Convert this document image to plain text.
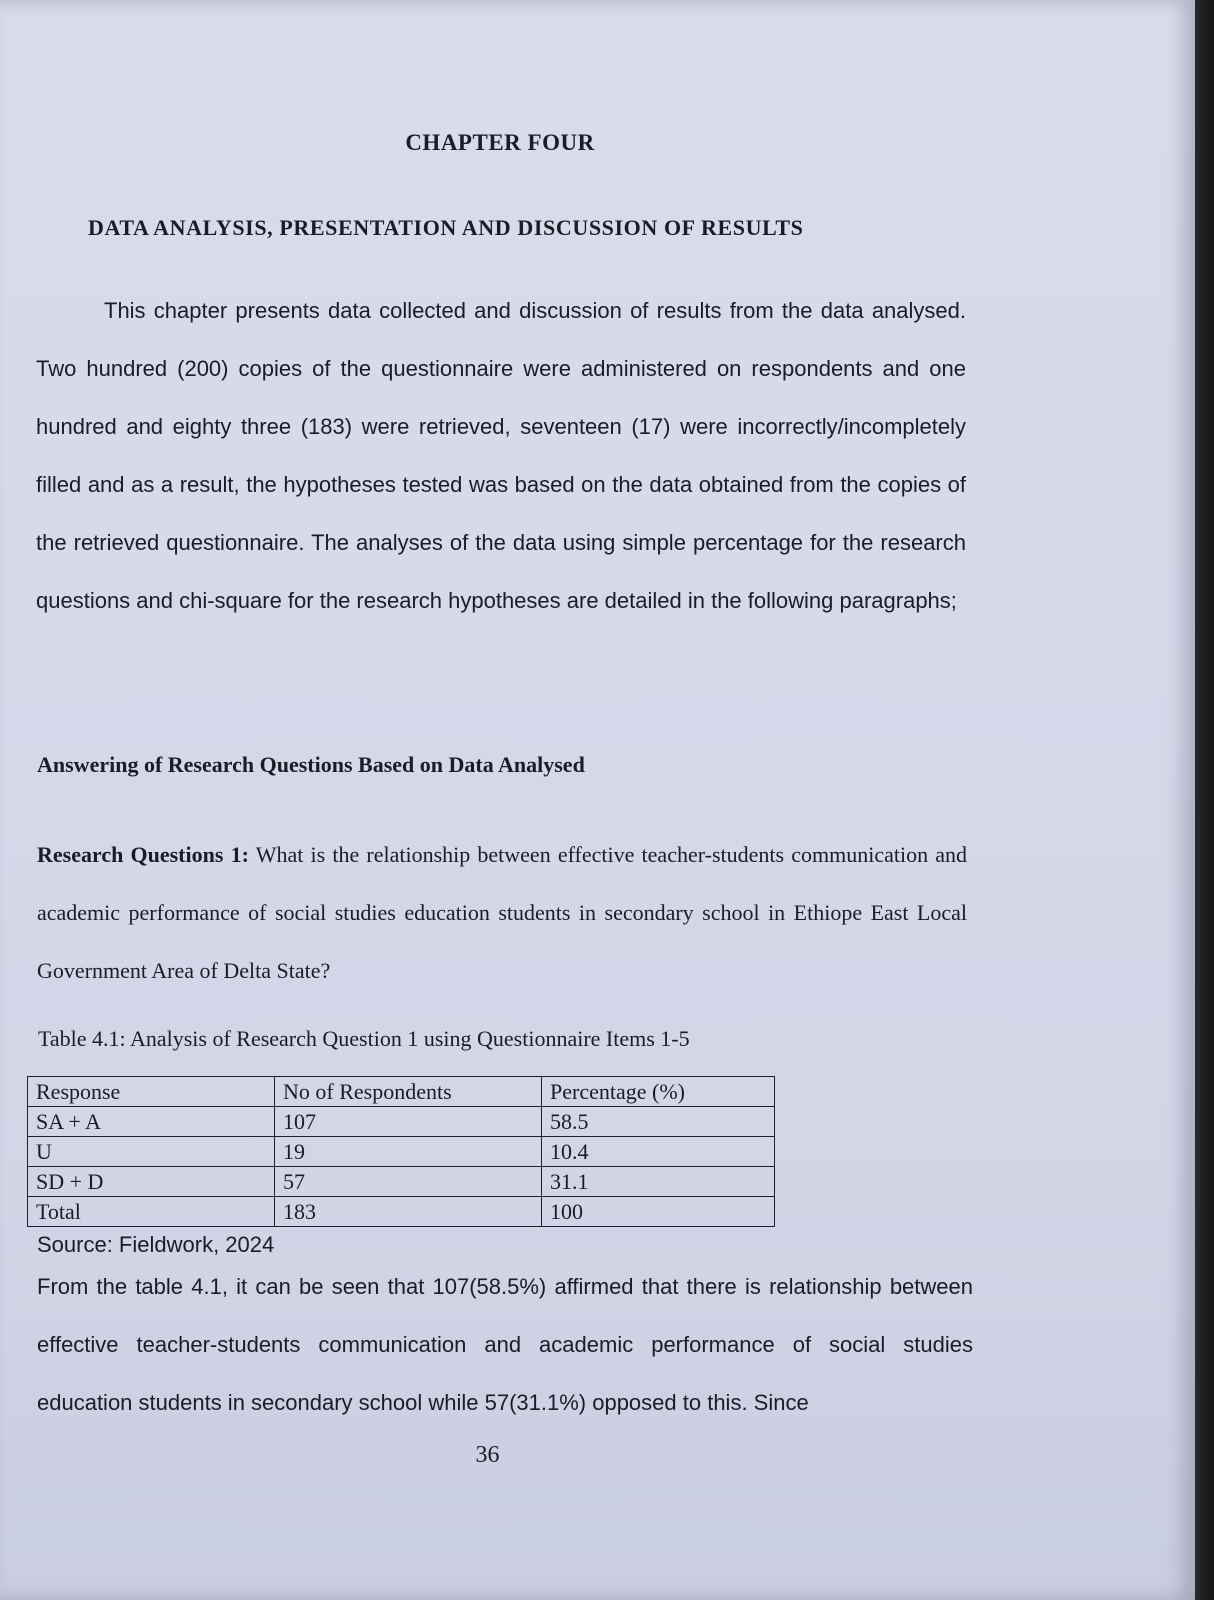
CHAPTER FOUR
DATA ANALYSIS, PRESENTATION AND DISCUSSION OF RESULTS

This chapter presents data collected and discussion of results from the data analysed. Two hundred (200) copies of the questionnaire were administered on respondents and one hundred and eighty three (183) were retrieved, seventeen (17) were incorrectly/incompletely filled and as a result, the hypotheses tested was based on the data obtained from the copies of the retrieved questionnaire. The analyses of the data using simple percentage for the research questions and chi-square for the research hypotheses are detailed in the following paragraphs;

Answering of Research Questions Based on Data Analysed
Research Questions 1: What is the relationship between effective teacher-students communication and academic performance of social studies education students in secondary school in Ethiope East Local Government Area of Delta State?
Table 4.1: Analysis of Research Question 1 using Questionnaire Items 1-5
Response	No of Respondents	Percentage (%)
SA + A	107	58.5
U	19	10.4
SD + D	57	31.1
Total	183	100
Source: Fieldwork, 2024
From the table 4.1, it can be seen that 107(58.5%) affirmed that there is relationship between effective teacher-students communication and academic performance of social studies education students in secondary school while 57(31.1%) opposed to this. Since
36
